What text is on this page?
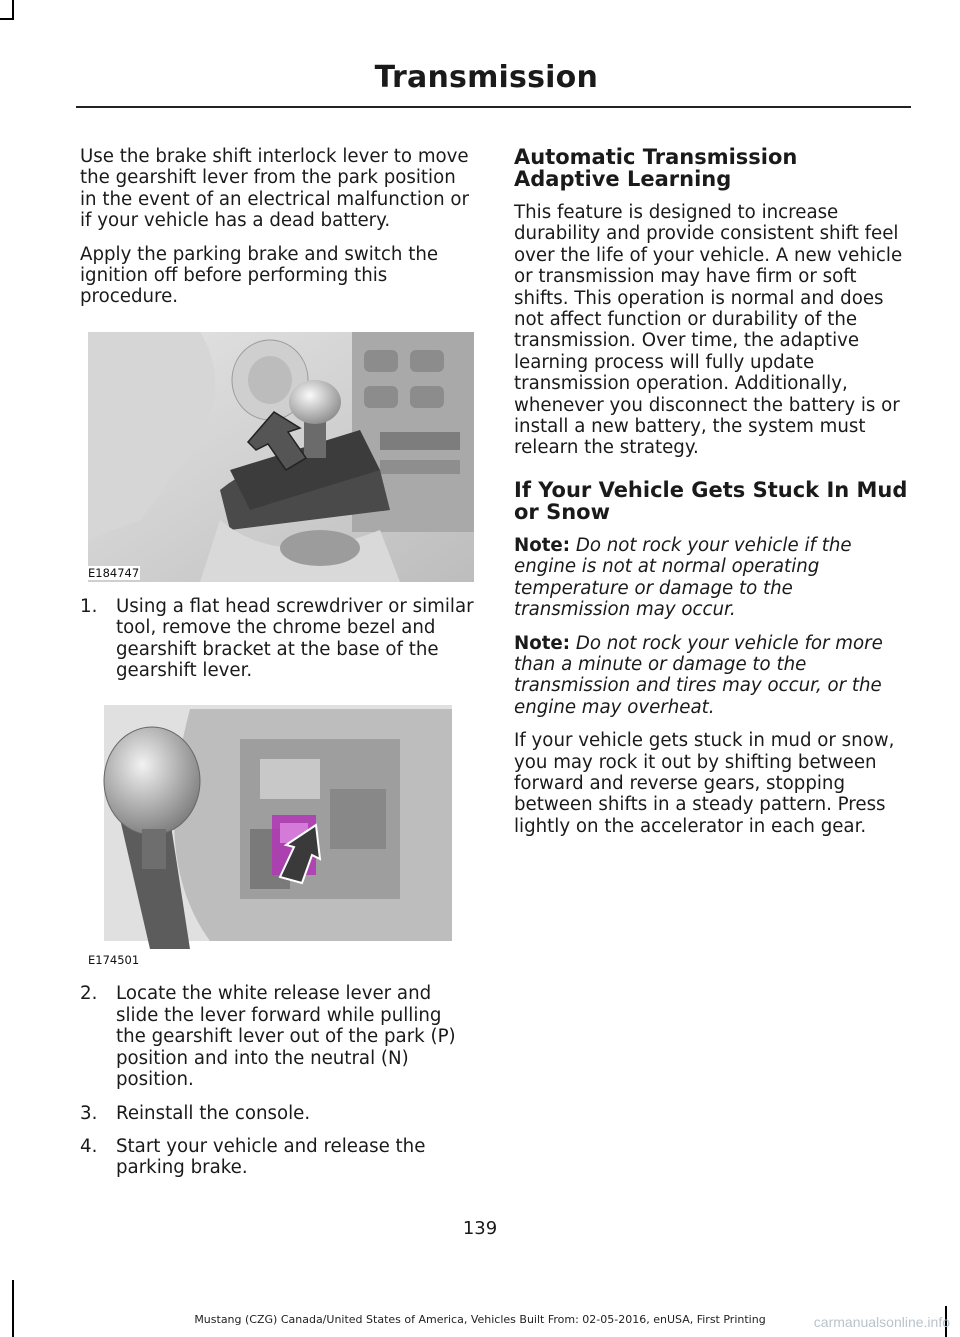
Transmission

Use the brake shift interlock lever to move the gearshift lever from the park position in the event of an electrical malfunction or if your vehicle has a dead battery.

Apply the parking brake and switch the ignition off before performing this procedure.

E184747
1. Using a flat head screwdriver or similar tool, remove the chrome bezel and gearshift bracket at the base of the gearshift lever.
E174501
2. Locate the white release lever and slide the lever forward while pulling the gearshift lever out of the park (P) position and into the neutral (N) position.
3. Reinstall the console.
4. Start your vehicle and release the parking brake.
Automatic Transmission Adaptive Learning

This feature is designed to increase durability and provide consistent shift feel over the life of your vehicle. A new vehicle or transmission may have firm or soft shifts. This operation is normal and does not affect function or durability of the transmission. Over time, the adaptive learning process will fully update transmission operation. Additionally, whenever you disconnect the battery is or install a new battery, the system must relearn the strategy.

If Your Vehicle Gets Stuck In Mud or Snow

Note: Do not rock your vehicle if the engine is not at normal operating temperature or damage to the transmission may occur.

Note: Do not rock your vehicle for more than a minute or damage to the transmission and tires may occur, or the engine may overheat.

If your vehicle gets stuck in mud or snow, you may rock it out by shifting between forward and reverse gears, stopping between shifts in a steady pattern. Press lightly on the accelerator in each gear.

139
Mustang (CZG) Canada/United States of America, Vehicles Built From: 02-05-2016, enUSA, First Printing	carmanualsonline.info
